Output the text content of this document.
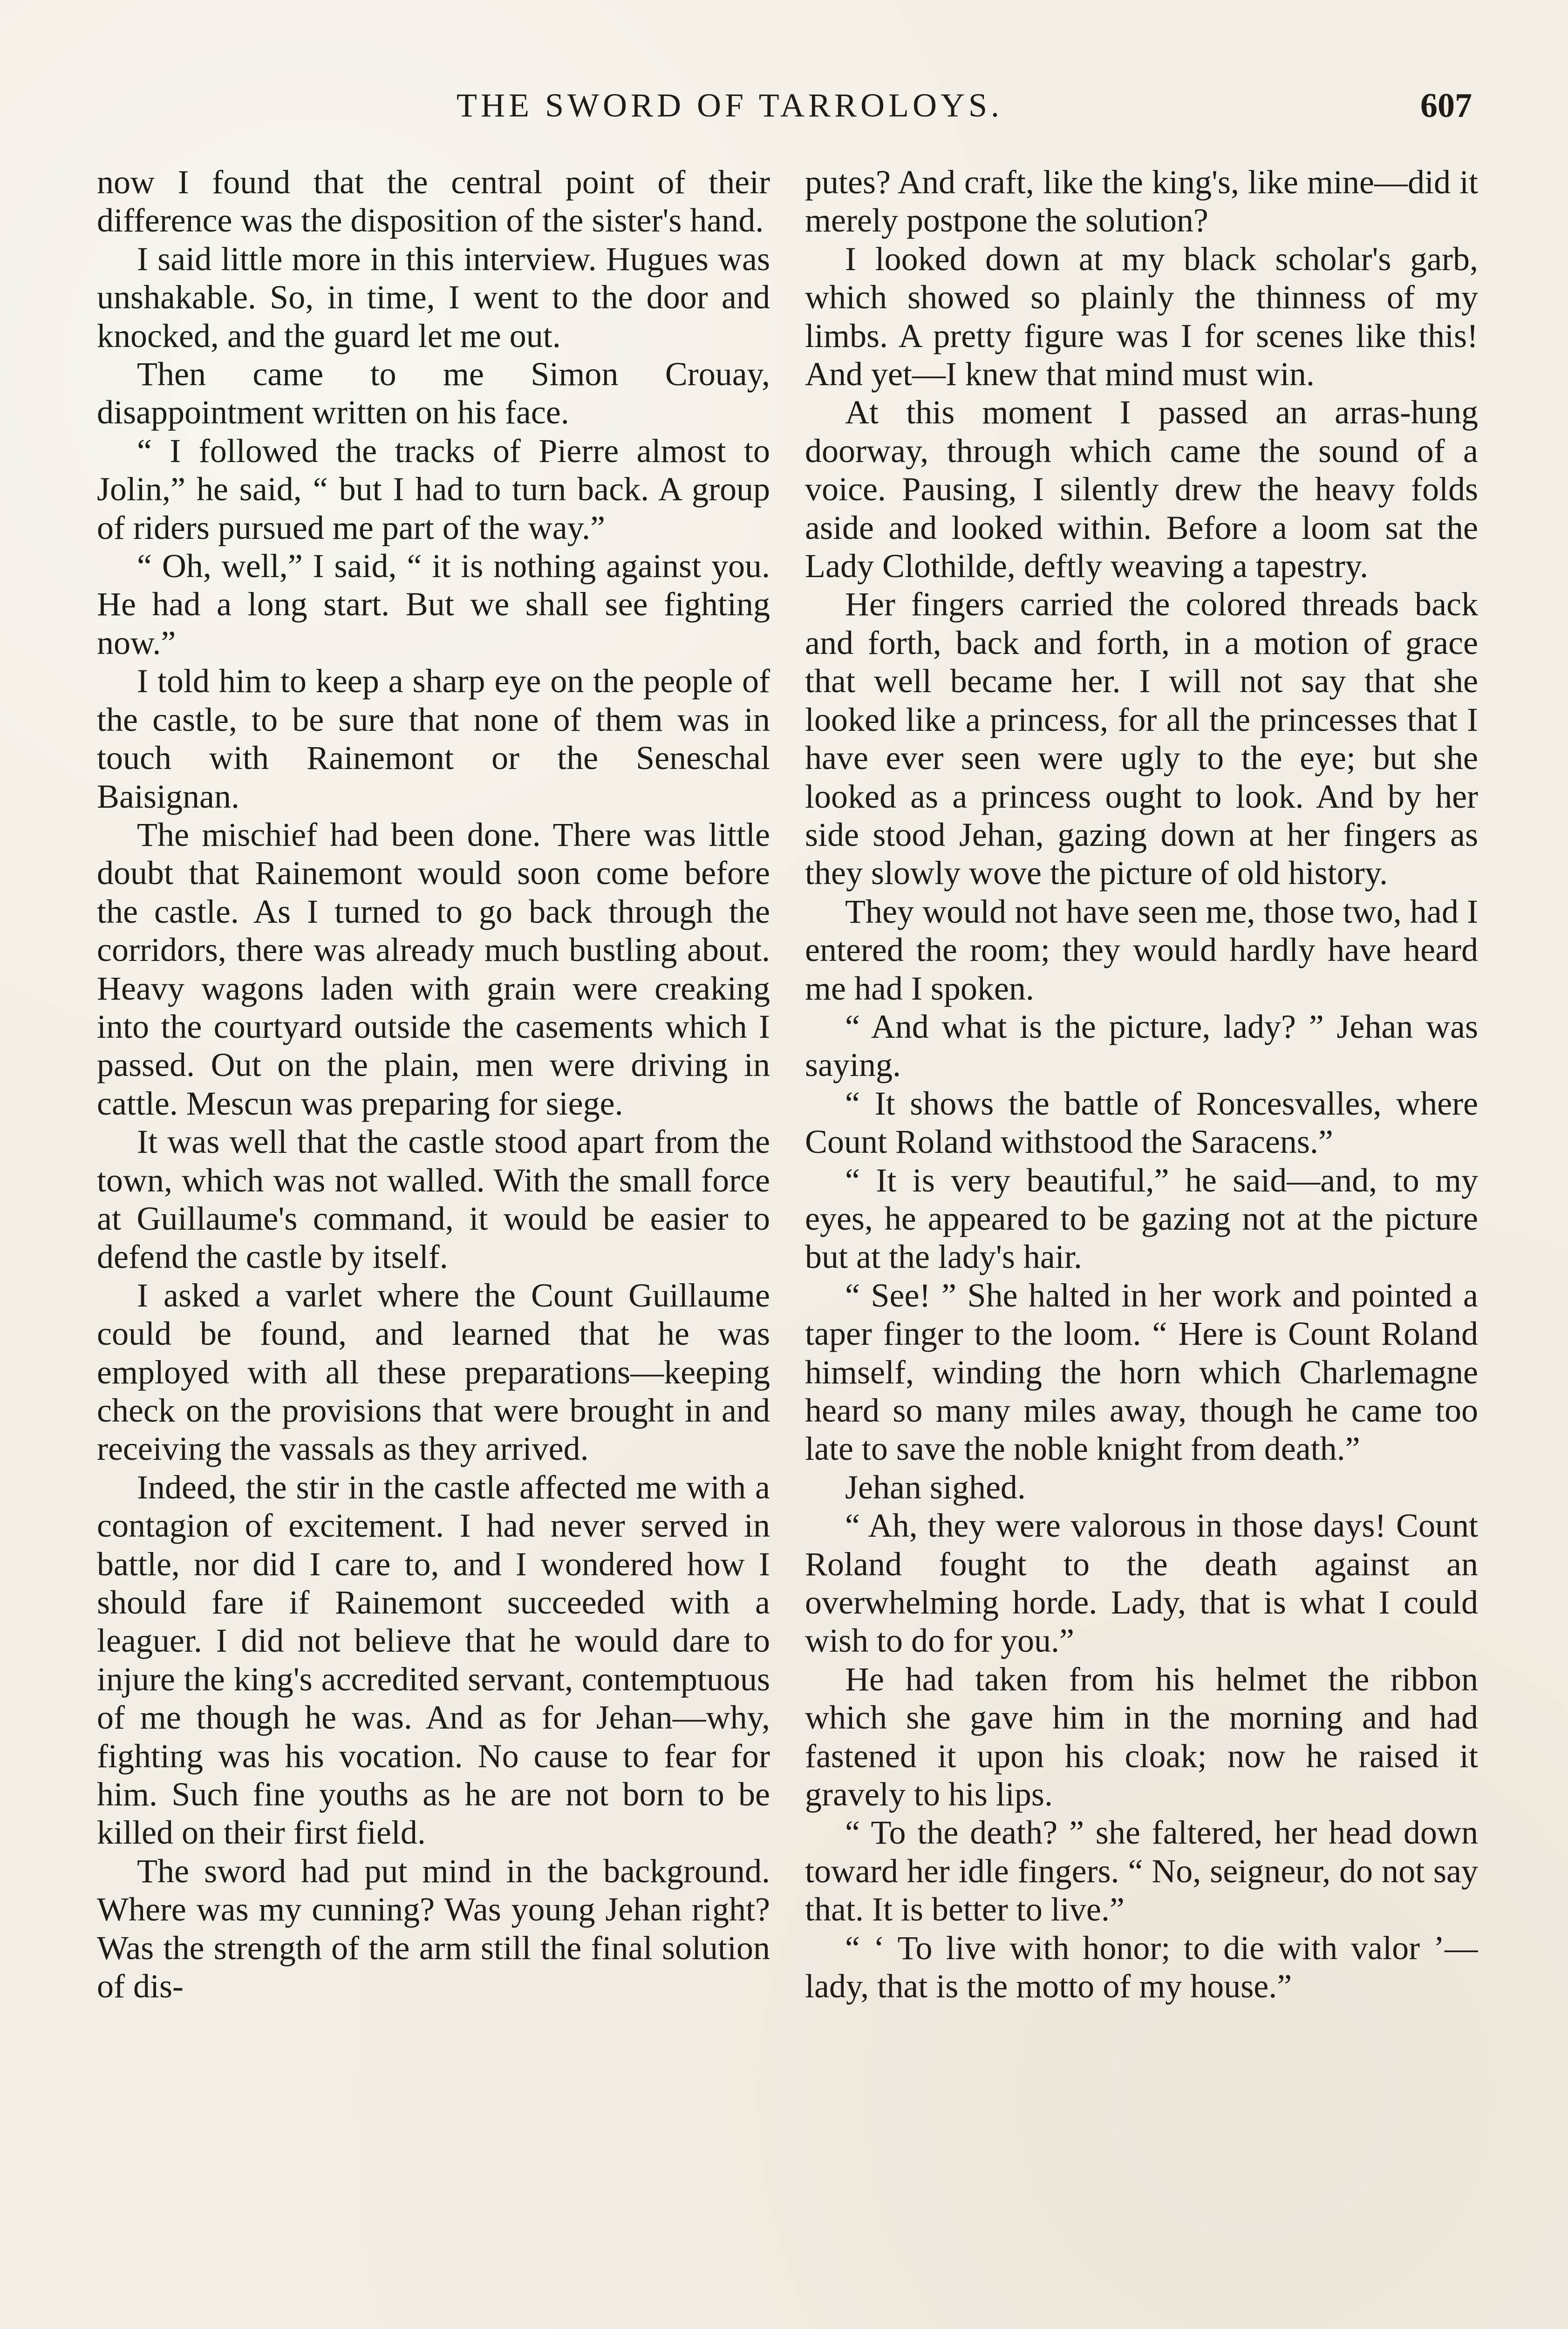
THE SWORD OF TARROLOYS.	607

now I found that the central point of their difference was the disposition of the sister's hand.

I said little more in this interview. Hugues was unshakable. So, in time, I went to the door and knocked, and the guard let me out.

Then came to me Simon Crouay, disappointment written on his face.

“ I followed the tracks of Pierre almost to Jolin,” he said, “ but I had to turn back. A group of riders pursued me part of the way.”

“ Oh, well,” I said, “ it is nothing against you. He had a long start. But we shall see fighting now.”

I told him to keep a sharp eye on the people of the castle, to be sure that none of them was in touch with Rainemont or the Seneschal Baisignan.

The mischief had been done. There was little doubt that Rainemont would soon come before the castle. As I turned to go back through the corridors, there was already much bustling about. Heavy wagons laden with grain were creaking into the courtyard outside the casements which I passed. Out on the plain, men were driving in cattle. Mescun was preparing for siege.

It was well that the castle stood apart from the town, which was not walled. With the small force at Guillaume's command, it would be easier to defend the castle by itself.

I asked a varlet where the Count Guillaume could be found, and learned that he was employed with all these preparations—keeping check on the provisions that were brought in and receiving the vassals as they arrived.

Indeed, the stir in the castle affected me with a contagion of excitement. I had never served in battle, nor did I care to, and I wondered how I should fare if Rainemont succeeded with a leaguer. I did not believe that he would dare to injure the king's accredited servant, contemptuous of me though he was. And as for Jehan—why, fighting was his vocation. No cause to fear for him. Such fine youths as he are not born to be killed on their first field.

The sword had put mind in the background. Where was my cunning? Was young Jehan right? Was the strength of the arm still the final solution of dis-

putes? And craft, like the king's, like mine—did it merely postpone the solution?

I looked down at my black scholar's garb, which showed so plainly the thinness of my limbs. A pretty figure was I for scenes like this! And yet—I knew that mind must win.

At this moment I passed an arras-hung doorway, through which came the sound of a voice. Pausing, I silently drew the heavy folds aside and looked within. Before a loom sat the Lady Clothilde, deftly weaving a tapestry.

Her fingers carried the colored threads back and forth, back and forth, in a motion of grace that well became her. I will not say that she looked like a princess, for all the princesses that I have ever seen were ugly to the eye; but she looked as a princess ought to look. And by her side stood Jehan, gazing down at her fingers as they slowly wove the picture of old history.

They would not have seen me, those two, had I entered the room; they would hardly have heard me had I spoken.

“ And what is the picture, lady? ” Jehan was saying.

“ It shows the battle of Roncesvalles, where Count Roland withstood the Saracens.”

“ It is very beautiful,” he said—and, to my eyes, he appeared to be gazing not at the picture but at the lady's hair.

“ See! ” She halted in her work and pointed a taper finger to the loom. “ Here is Count Roland himself, winding the horn which Charlemagne heard so many miles away, though he came too late to save the noble knight from death.”

Jehan sighed.

“ Ah, they were valorous in those days! Count Roland fought to the death against an overwhelming horde. Lady, that is what I could wish to do for you.”

He had taken from his helmet the ribbon which she gave him in the morning and had fastened it upon his cloak; now he raised it gravely to his lips.

“ To the death? ” she faltered, her head down toward her idle fingers. “ No, seigneur, do not say that. It is better to live.”

“ ‘ To live with honor; to die with valor ’—lady, that is the motto of my house.”
